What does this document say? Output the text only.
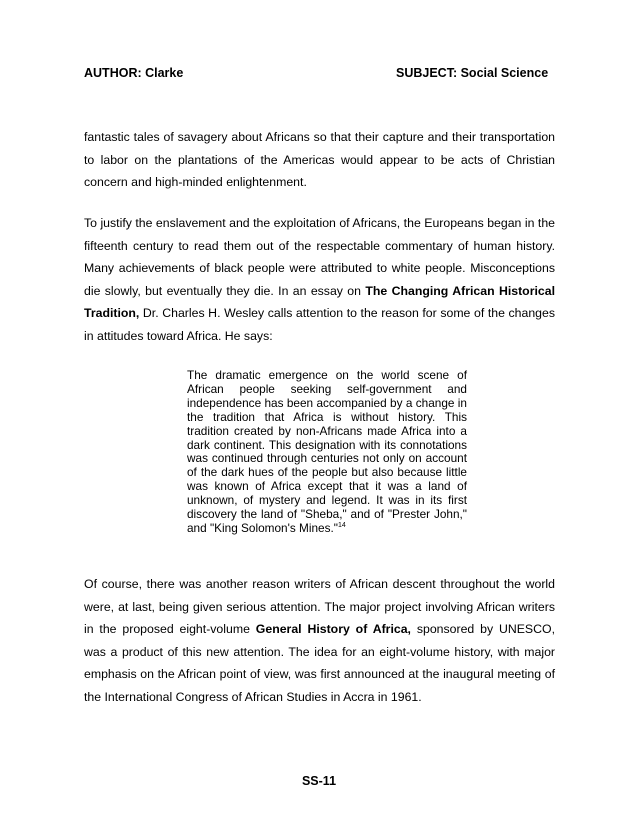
AUTHOR: Clarke	SUBJECT: Social Science

fantastic tales of savagery about Africans so that their capture and their transportation to labor on the plantations of the Americas would appear to be acts of Christian concern and high-minded enlightenment.

To justify the enslavement and the exploitation of Africans, the Europeans began in the fifteenth century to read them out of the respectable commentary of human history. Many achievements of black people were attributed to white people. Misconceptions die slowly, but eventually they die. In an essay on The Changing African Historical Tradition, Dr. Charles H. Wesley calls attention to the reason for some of the changes in attitudes toward Africa. He says:

The dramatic emergence on the world scene of African people seeking self-government and independence has been accompanied by a change in the tradition that Africa is without history. This tradition created by non-Africans made Africa into a dark continent. This designation with its connotations was continued through centuries not only on account of the dark hues of the people but also because little was known of Africa except that it was a land of unknown, of mystery and legend. It was in its first discovery the land of "Sheba," and of "Prester John," and "King Solomon's Mines."$^{14}$

Of course, there was another reason writers of African descent throughout the world were, at last, being given serious attention. The major project involving African writers in the proposed eight-volume General History of Africa, sponsored by UNESCO, was a product of this new attention. The idea for an eight-volume history, with major emphasis on the African point of view, was first announced at the inaugural meeting of the International Congress of African Studies in Accra in 1961.

SS-11
